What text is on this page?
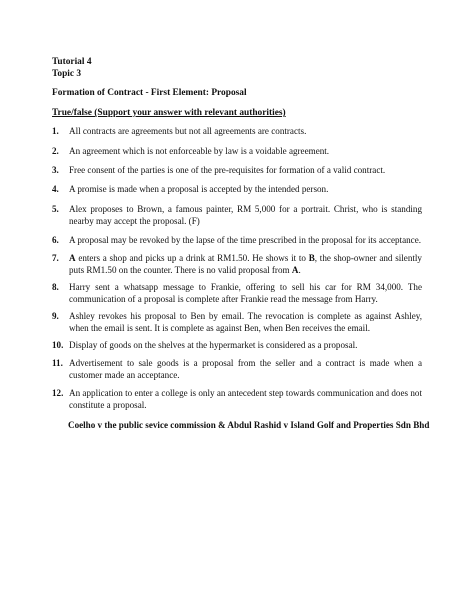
Tutorial 4
Topic 3
Formation of Contract - First Element: Proposal
True/false (Support your answer with relevant authorities)
1.	All contracts are agreements but not all agreements are contracts.
2.	An agreement which is not enforceable by law is a voidable agreement.
3.	Free consent of the parties is one of the pre-requisites for formation of a valid contract.
4.	A promise is made when a proposal is accepted by the intended person.
5.	Alex proposes to Brown, a famous painter, RM 5,000 for a portrait. Christ, who is standing nearby may accept the proposal. (F)
6.	A proposal may be revoked by the lapse of the time prescribed in the proposal for its acceptance.
7.	A enters a shop and picks up a drink at RM1.50. He shows it to B, the shop-owner and silently puts RM1.50 on the counter. There is no valid proposal from A.
8.	Harry sent a whatsapp message to Frankie, offering to sell his car for RM 34,000. The communication of a proposal is complete after Frankie read the message from Harry.
9.	Ashley revokes his proposal to Ben by email. The revocation is complete as against Ashley, when the email is sent. It is complete as against Ben, when Ben receives the email.
10. Display of goods on the shelves at the hypermarket is considered as a proposal.
11. Advertisement to sale goods is a proposal from the seller and a contract is made when a customer made an acceptance.
12. An application to enter a college is only an antecedent step towards communication and does not constitute a proposal.
Coelho v the public sevice commission & Abdul Rashid v Island Golf and Properties Sdn Bhd
